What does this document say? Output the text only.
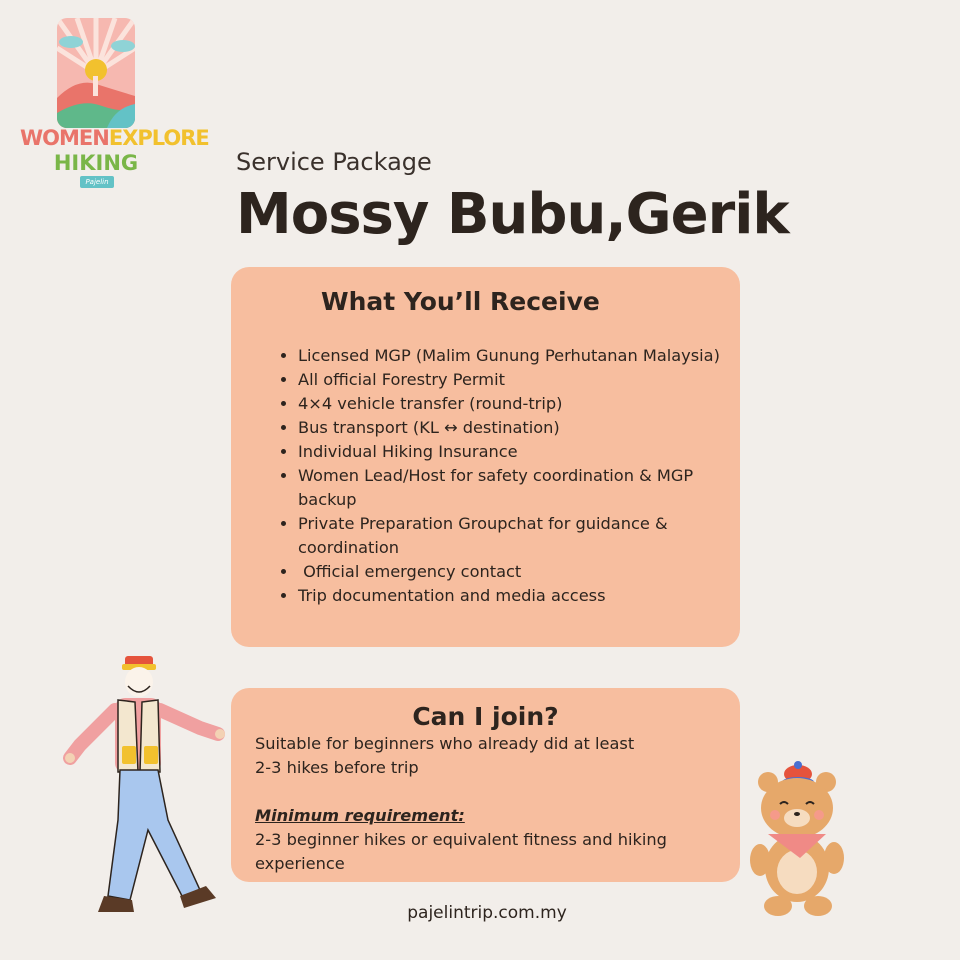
WOMENEXPLORE
HIKING
Pajelin
Service Package
Mossy Bubu,Gerik
What You’ll Receive
• Licensed MGP (Malim Gunung Perhutanan Malaysia)
• All official Forestry Permit
• 4×4 vehicle transfer (round-trip)
• Bus transport (KL ↔ destination)
• Individual Hiking Insurance
• Women Lead/Host for safety coordination & MGP backup
• Private Preparation Groupchat for guidance & coordination
•  Official emergency contact
• Trip documentation and media access
Can I join?

Suitable for beginners who already did at least

2-3 hikes before trip

Minimum requirement:

2-3 beginner hikes or equivalent fitness and hiking experience

pajelintrip.com.my
